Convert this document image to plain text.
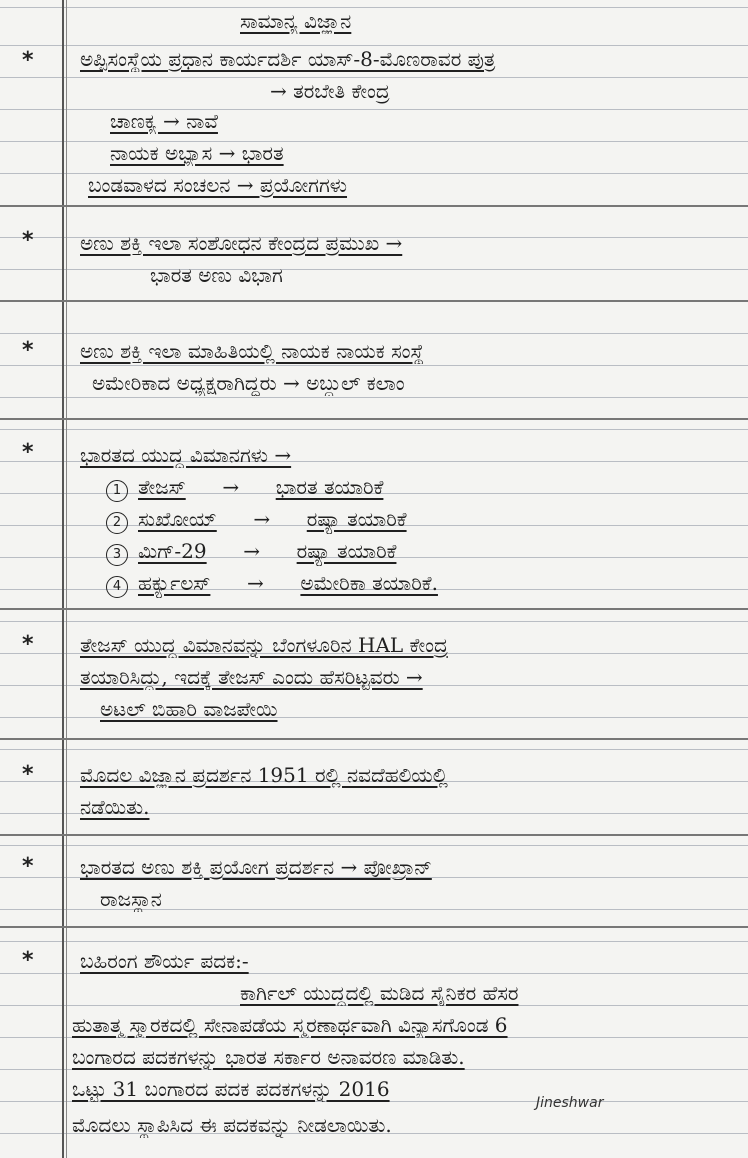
ಸಾಮಾನ್ಯ ವಿಜ್ಞಾನ
* ಅಪ್ಪಿಸಂಸ್ಥೆಯ ಪ್ರಧಾನ ಕಾರ್ಯದರ್ಶಿ ಯಾಸ್-8-ಮೊಣರಾವರ ಪುತ್ರ
→ ತರಬೇತಿ ಕೇಂದ್ರ
ಚಾಣಕ್ಯ → ನಾವೆ
ನಾಯಕ ಅಭ್ಯಾಸ → ಭಾರತ
ಬಂಡವಾಳದ ಸಂಚಲನ → ಪ್ರಯೋಗಗಳು
* ಅಣು ಶಕ್ತಿ ಇಲಾ ಸಂಶೋಧನ ಕೇಂದ್ರದ ಪ್ರಮುಖ →
ಭಾರತ ಅಣು ವಿಭಾಗ
* ಅಣು ಶಕ್ತಿ ಇಲಾ ಮಾಹಿತಿಯಲ್ಲಿ ನಾಯಕ ನಾಯಕ ಸಂಸ್ಥೆ
ಅಮೇರಿಕಾದ ಅಧ್ಯಕ್ಷರಾಗಿದ್ದರು → ಅಬ್ದುಲ್ ಕಲಾಂ
* ಭಾರತದ ಯುದ್ಧ ವಿಮಾನಗಳು →
1 ತೇಜಸ್ → ಭಾರತ ತಯಾರಿಕೆ
2 ಸುಖೋಯ್ → ರಷ್ಯಾ ತಯಾರಿಕೆ
3 ಮಿಗ್-29 → ರಷ್ಯಾ ತಯಾರಿಕೆ
4 ಹರ್ಕ್ಯುಲಸ್ → ಅಮೇರಿಕಾ ತಯಾರಿಕೆ.
* ತೇಜಸ್ ಯುದ್ಧ ವಿಮಾನವನ್ನು ಬೆಂಗಳೂರಿನ HAL ಕೇಂದ್ರ
ತಯಾರಿಸಿದ್ದು, ಇದಕ್ಕೆ ತೇಜಸ್ ಎಂದು ಹೆಸರಿಟ್ಟವರು →
ಅಟಲ್ ಬಿಹಾರಿ ವಾಜಪೇಯಿ
* ಮೊದಲ ವಿಜ್ಞಾನ ಪ್ರದರ್ಶನ 1951 ರಲ್ಲಿ ನವದೆಹಲಿಯಲ್ಲಿ
ನಡೆಯಿತು.
* ಭಾರತದ ಅಣು ಶಕ್ತಿ ಪ್ರಯೋಗ ಪ್ರದರ್ಶನ → ಪೋಖ್ರಾನ್
ರಾಜಸ್ಥಾನ
* ಬಹಿರಂಗ ಶೌರ್ಯ ಪದಕ:-
ಕಾರ್ಗಿಲ್ ಯುದ್ಧದಲ್ಲಿ ಮಡಿದ ಸೈನಿಕರ ಹೆಸರ
ಹುತಾತ್ಮ ಸ್ಮಾರಕದಲ್ಲಿ ಸೇನಾಪಡೆಯ ಸ್ಮರಣಾರ್ಥವಾಗಿ ವಿನ್ಯಾಸಗೊಂಡ 6
ಬಂಗಾರದ ಪದಕಗಳನ್ನು ಭಾರತ ಸರ್ಕಾರ ಅನಾವರಣ ಮಾಡಿತು.
ಒಟ್ಟು 31 ಬಂಗಾರದ ಪದಕ ಪದಕಗಳನ್ನು 2016
ಮೊದಲು ಸ್ಥಾಪಿಸಿದ ಈ ಪದಕವನ್ನು ನೀಡಲಾಯಿತು.
Jineshwar
